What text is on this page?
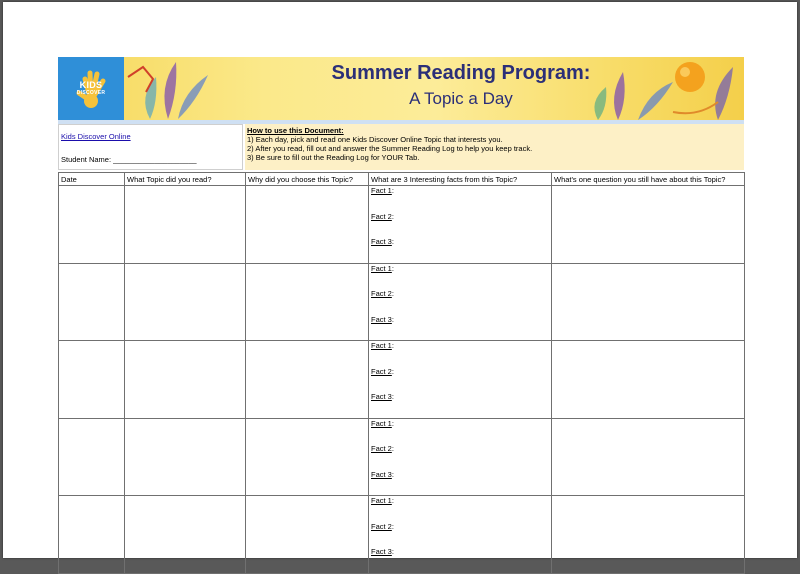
KIDS
DISCOVER
Summer Reading Program:
A Topic a Day
Kids Discover Online
Student Name: ____________________
How to use this Document:
1) Each day, pick and read one Kids Discover Online Topic that interests you.
2) After you read, fill out and answer the Summer Reading Log to help you keep track.
3) Be sure to fill out the Reading Log for YOUR Tab.
Date	What Topic did you read?	Why did you choose this Topic?	What are 3 Interesting facts from this Topic?	What's one question you still have about this Topic?

			Fact 1:
Fact 2:
Fact 3:	

			Fact 1:
Fact 2:
Fact 3:	

			Fact 1:
Fact 2:
Fact 3:	

			Fact 1:
Fact 2:
Fact 3:	

			Fact 1:
Fact 2:
Fact 3:	
